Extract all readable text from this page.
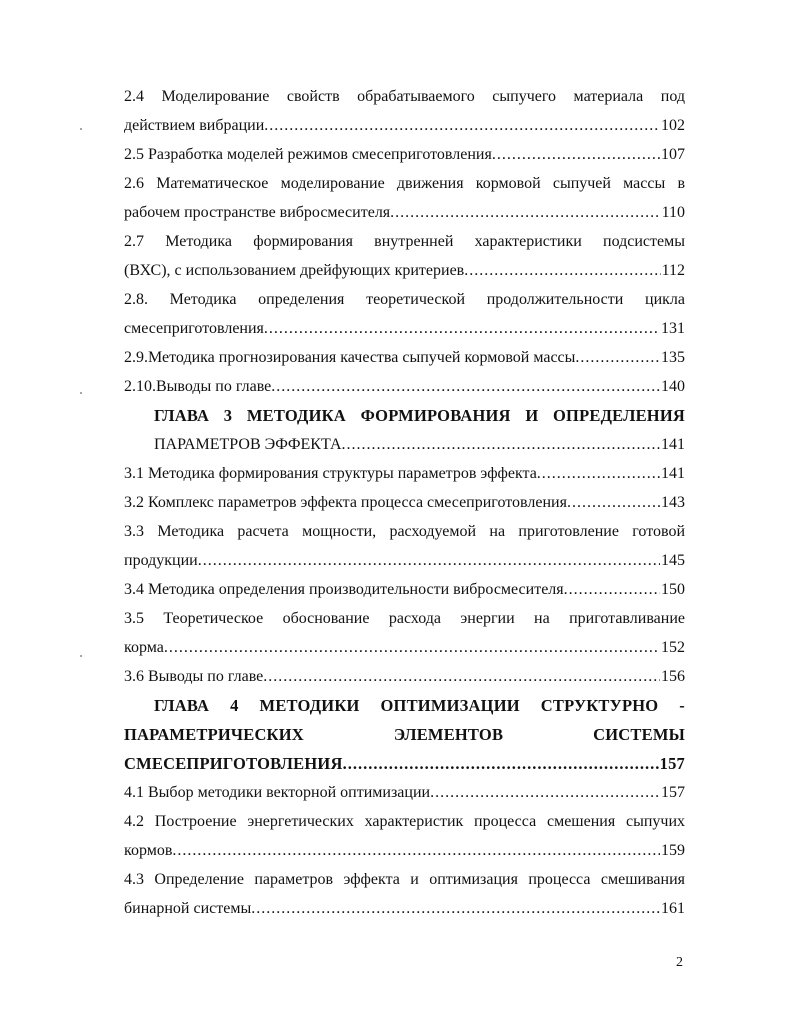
2.4 Моделирование свойств обрабатываемого сыпучего материала под
действием вибрации .....	102
2.5 Разработка моделей режимов смесеприготовления .....	107
2.6 Математическое моделирование движения кормовой сыпучей массы в
рабочем пространстве вибросмесителя .....	110
2.7 Методика формирования внутренней характеристики подсистемы
(ВХС), с использованием дрейфующих критериев .....	112
2.8. Методика определения теоретической продолжительности цикла
смесеприготовления .....	131
2.9.Методика прогнозирования качества сыпучей кормовой массы .....	135
2.10.Выводы по главе .....	140
ГЛАВА 3 МЕТОДИКА ФОРМИРОВАНИЯ И ОПРЕДЕЛЕНИЯ
ПАРАМЕТРОВ ЭФФЕКТА .....	141
3.1 Методика формирования структуры параметров эффекта .....	141
3.2 Комплекс параметров эффекта процесса смесеприготовления .....	143
3.3 Методика расчета мощности, расходуемой на приготовление готовой
продукции .....	145
3.4 Методика определения производительности вибросмесителя .....	150
3.5 Теоретическое обоснование расхода энергии на приготавливание
корма .....	152
3.6 Выводы по главе .....	156
ГЛАВА 4 МЕТОДИКИ ОПТИМИЗАЦИИ СТРУКТУРНО -
ПАРАМЕТРИЧЕСКИХ ЭЛЕМЕНТОВ СИСТЕМЫ
СМЕСЕПРИГОТОВЛЕНИЯ .....	157
4.1 Выбор методики векторной оптимизации .....	157
4.2 Построение энергетических характеристик процесса смешения сыпучих
кормов .....	159
4.3 Определение параметров эффекта и оптимизация процесса смешивания
бинарной системы .....	161
2
